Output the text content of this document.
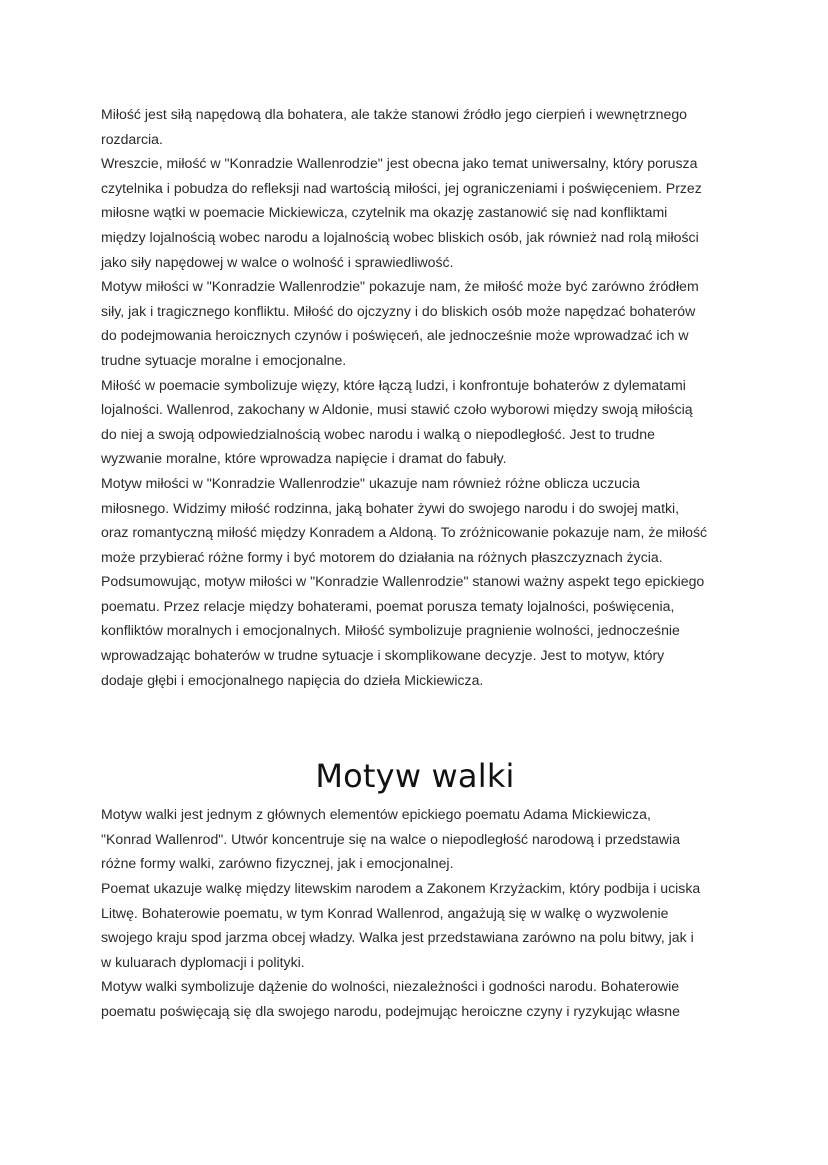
Miłość jest siłą napędową dla bohatera, ale także stanowi źródło jego cierpień i wewnętrznego
rozdarcia.
Wreszcie, miłość w "Konradzie Wallenrodzie" jest obecna jako temat uniwersalny, który porusza
czytelnika i pobudza do refleksji nad wartością miłości, jej ograniczeniami i poświęceniem. Przez
miłosne wątki w poemacie Mickiewicza, czytelnik ma okazję zastanowić się nad konfliktami
między lojalnością wobec narodu a lojalnością wobec bliskich osób, jak również nad rolą miłości
jako siły napędowej w walce o wolność i sprawiedliwość.
Motyw miłości w "Konradzie Wallenrodzie" pokazuje nam, że miłość może być zarówno źródłem
siły, jak i tragicznego konfliktu. Miłość do ojczyzny i do bliskich osób może napędzać bohaterów
do podejmowania heroicznych czynów i poświęceń, ale jednocześnie może wprowadzać ich w
trudne sytuacje moralne i emocjonalne.
Miłość w poemacie symbolizuje więzy, które łączą ludzi, i konfrontuje bohaterów z dylematami
lojalności. Wallenrod, zakochany w Aldonie, musi stawić czoło wyborowi między swoją miłością
do niej a swoją odpowiedzialnością wobec narodu i walką o niepodległość. Jest to trudne
wyzwanie moralne, które wprowadza napięcie i dramat do fabuły.
Motyw miłości w "Konradzie Wallenrodzie" ukazuje nam również różne oblicza uczucia
miłosnego. Widzimy miłość rodzinna, jaką bohater żywi do swojego narodu i do swojej matki,
oraz romantyczną miłość między Konradem a Aldoną. To zróżnicowanie pokazuje nam, że miłość
może przybierać różne formy i być motorem do działania na różnych płaszczyznach życia.
Podsumowując, motyw miłości w "Konradzie Wallenrodzie" stanowi ważny aspekt tego epickiego
poematu. Przez relacje między bohaterami, poemat porusza tematy lojalności, poświęcenia,
konfliktów moralnych i emocjonalnych. Miłość symbolizuje pragnienie wolności, jednocześnie
wprowadzając bohaterów w trudne sytuacje i skomplikowane decyzje. Jest to motyw, który
dodaje głębi i emocjonalnego napięcia do dzieła Mickiewicza.
Motyw walki
Motyw walki jest jednym z głównych elementów epickiego poematu Adama Mickiewicza,
"Konrad Wallenrod". Utwór koncentruje się na walce o niepodległość narodową i przedstawia
różne formy walki, zarówno fizycznej, jak i emocjonalnej.
Poemat ukazuje walkę między litewskim narodem a Zakonem Krzyżackim, który podbija i uciska
Litwę. Bohaterowie poematu, w tym Konrad Wallenrod, angażują się w walkę o wyzwolenie
swojego kraju spod jarzma obcej władzy. Walka jest przedstawiana zarówno na polu bitwy, jak i
w kuluarach dyplomacji i polityki.
Motyw walki symbolizuje dążenie do wolności, niezależności i godności narodu. Bohaterowie
poematu poświęcają się dla swojego narodu, podejmując heroiczne czyny i ryzykując własne
